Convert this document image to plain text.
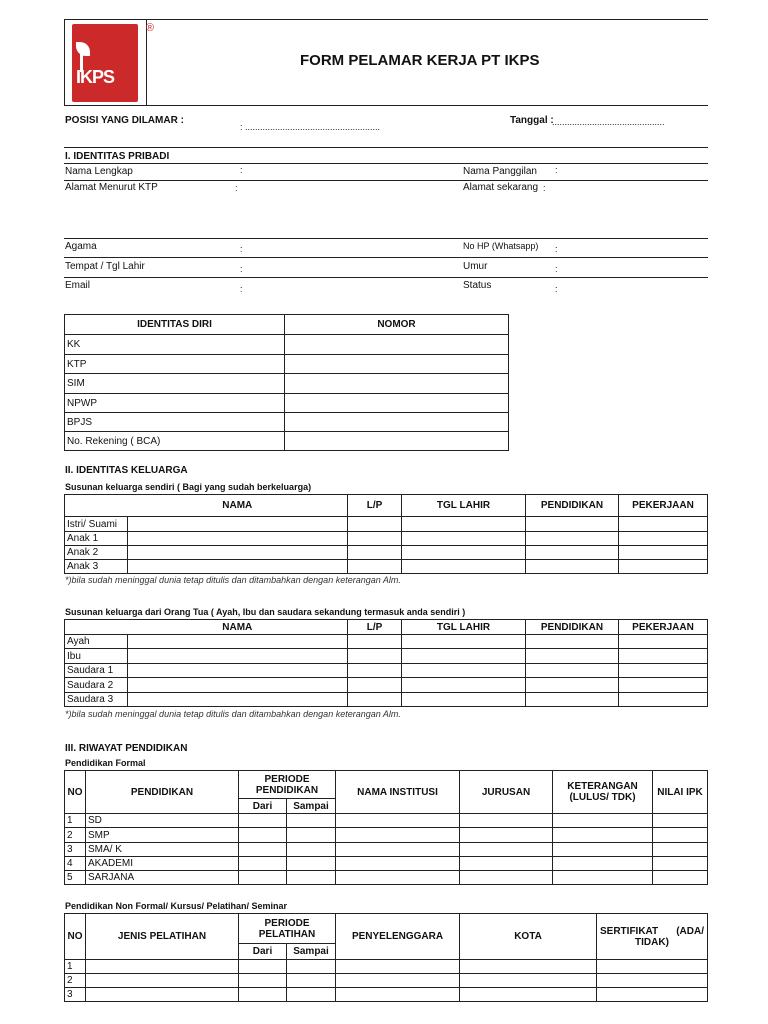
IKPS
®
FORM PELAMAR KERJA PT IKPS
POSISI YANG DILAMAR :
: ......................................................
Tanggal :
.............................................
I. IDENTITAS PRIBADI
Nama Lengkap	:	Nama Panggilan :
Alamat Menurut KTP	:	Alamat sekarang :
Agama	:	No HP (Whatsapp) :
Tempat / Tgl Lahir	:	Umur	:
Email	:	Status	:
IDENTITAS DIRI	NOMOR
KK	
KTP	
SIM	
NPWP	
BPJS	
No. Rekening ( BCA)	
II. IDENTITAS KELUARGA
Susunan keluarga sendiri ( Bagi yang sudah berkeluarga)
	NAMA	L/P	TGL LAHIR	PENDIDIKAN	PEKERJAAN
Istri/ Suami					
Anak 1					
Anak 2					
Anak 3					
*)bila sudah meninggal dunia tetap ditulis dan ditambahkan dengan keterangan Alm.
Susunan keluarga dari Orang Tua ( Ayah, Ibu dan saudara sekandung termasuk anda sendiri )
	NAMA	L/P	TGL LAHIR	PENDIDIKAN	PEKERJAAN
Ayah					
Ibu					
Saudara 1					
Saudara 2					
Saudara 3					
*)bila sudah meninggal dunia tetap ditulis dan ditambahkan dengan keterangan Alm.
III. RIWAYAT PENDIDIKAN
Pendidikan Formal
NO	PENDIDIKAN	PERIODE PENDIDIKAN		NAMA INSTITUSI	JURUSAN	KETERANGAN (LULUS/ TDK)	NILAI IPK
		Dari	Sampai				
1	SD						
2	SMP						
3	SMA/ K						
4	AKADEMI						
5	SARJANA						
Pendidikan Non Formal/ Kursus/ Pelatihan/ Seminar
NO	JENIS PELATIHAN	PERIODE PELATIHAN		PENYELENGGARA	KOTA	SERTIFIKAT (ADA/
TIDAK)

		Dari	Sampai			
1						
2						
3						
